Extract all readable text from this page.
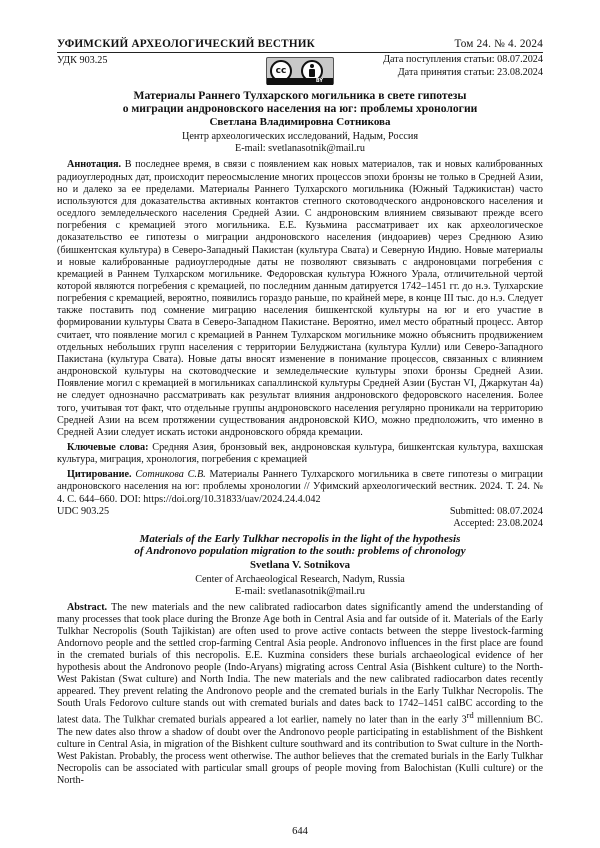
УФИМСКИЙ АРХЕОЛОГИЧЕСКИЙ ВЕСТНИК	Том 24. № 4. 2024
УДК 903.25
cc
BY
Дата поступления статьи: 08.07.2024
Дата принятия статьи: 23.08.2024
Материалы Раннего Тулхарского могильника в свете гипотезы
о миграции андроновского населения на юг: проблемы хронологии
Светлана Владимировна Сотникова
Центр археологических исследований, Надым, Россия
E-mail: svetlanasotnik@mail.ru
Аннотация. В последнее время, в связи с появлением как новых материалов, так и новых калиброванных радиоуглеродных дат, происходит переосмысление многих процессов эпохи бронзы не только в Средней Азии, но и далеко за ее пределами. Материалы Раннего Тулхарского могильника (Южный Таджикистан) часто используются для доказательства активных контактов степного скотоводческого андроновского населения и оседлого земледельческого населения Средней Азии. С андроновским влиянием связывают прежде всего погребения с кремацией этого могильника. Е.Е. Кузьмина рассматривает их как археологическое доказательство ее гипотезы о миграции андроновского населения (индоариев) через Среднюю Азию (бишкентская культура) в Северо-Западный Пакистан (культура Свата) и Северную Индию. Новые материалы и новые калиброванные радиоуглеродные даты не позволяют связывать с андроновцами погребения с кремацией в Раннем Тулхарском могильнике. Федоровская культура Южного Урала, отличительной чертой которой являются погребения с кремацией, по последним данным датируется 1742–1451 гг. до н.э. Тулхарские погребения с кремацией, вероятно, появились гораздо раньше, по крайней мере, в конце III тыс. до н.э. Следует также поставить под сомнение миграцию населения бишкентской культуры на юг и его участие в формировании культуры Свата в Северо-Западном Пакистане. Вероятно, имел место обратный процесс. Автор считает, что появление могил с кремацией в Раннем Тулхарском могильнике можно объяснить продвижением отдельных небольших групп населения с территории Белуджистана (культура Кулли) или Северо-Западного Пакистана (культура Свата). Новые даты вносят изменение в понимание процессов, связанных с влиянием андроновской культуры на скотоводческие и земледельческие культуры эпохи бронзы Средней Азии. Появление могил с кремацией в могильниках сапаллинской культуры Средней Азии (Бустан VI, Джаркутан 4а) не следует однозначно рассматривать как результат влияния андроновского федоровского населения. Более того, учитывая тот факт, что отдельные группы андроновского населения регулярно проникали на территорию Средней Азии на всем протяжении существования андроновской КИО, можно предположить, что именно в Средней Азии следует искать истоки андроновского обряда кремации.
Ключевые слова: Средняя Азия, бронзовый век, андроновская культура, бишкентская культура, вахшская культура, миграция, хронология, погребения с кремацией
Цитирование. Сотникова С.В. Материалы Раннего Тулхарского могильника в свете гипотезы о миграции андроновского населения на юг: проблемы хронологии // Уфимский археологический вестник. 2024. Т. 24. № 4. С. 644–660. DOI: https://doi.org/10.31833/uav/2024.24.4.042
UDC 903.25	Submitted: 08.07.2024
Accepted: 23.08.2024
Materials of the Early Tulkhar necropolis in the light of the hypothesis
of Andronovo population migration to the south: problems of chronology
Svetlana V. Sotnikova
Center of Archaeological Research, Nadym, Russia
E-mail: svetlanasotnik@mail.ru
Abstract. The new materials and the new calibrated radiocarbon dates significantly amend the understanding of many processes that took place during the Bronze Age both in Central Asia and far outside of it. Materials of the Early Tulkhar Necropolis (South Tajikistan) are often used to prove active contacts between the steppe livestock-farming Andornovo people and the settled crop-farming Central Asia people. Andronovo influences in the first place are found in the cremated burials of this necropolis. E.E. Kuzmina considers these burials archaeological evidence of her hypothesis about the Andronovo people (Indo-Aryans) migrating across Central Asia (Bishkent culture) to the North-West Pakistan (Swat culture) and North India. The new materials and the new calibrated radiocarbon dates recently appeared. They prevent relating the Andronovo people and the cremated burials in the Early Tulkhar Necropolis. The South Urals Fedorovo culture stands out with cremated burials and dates back to 1742–1451 calBC according to the latest data. The Tulkhar cremated burials appeared a lot earlier, namely no later than in the early 3rd millennium BC. The new dates also throw a shadow of doubt over the Andronovo people participating in establishment of the Bishkent culture in Central Asia, in migration of the Bishkent culture southward and its contribution to Swat culture in the North-West Pakistan. Probably, the process went otherwise. The author believes that the cremated burials in the Early Tulkhar Necropolis can be associated with particular small groups of people moving from Balochistan (Kulli culture) or the North-
644
